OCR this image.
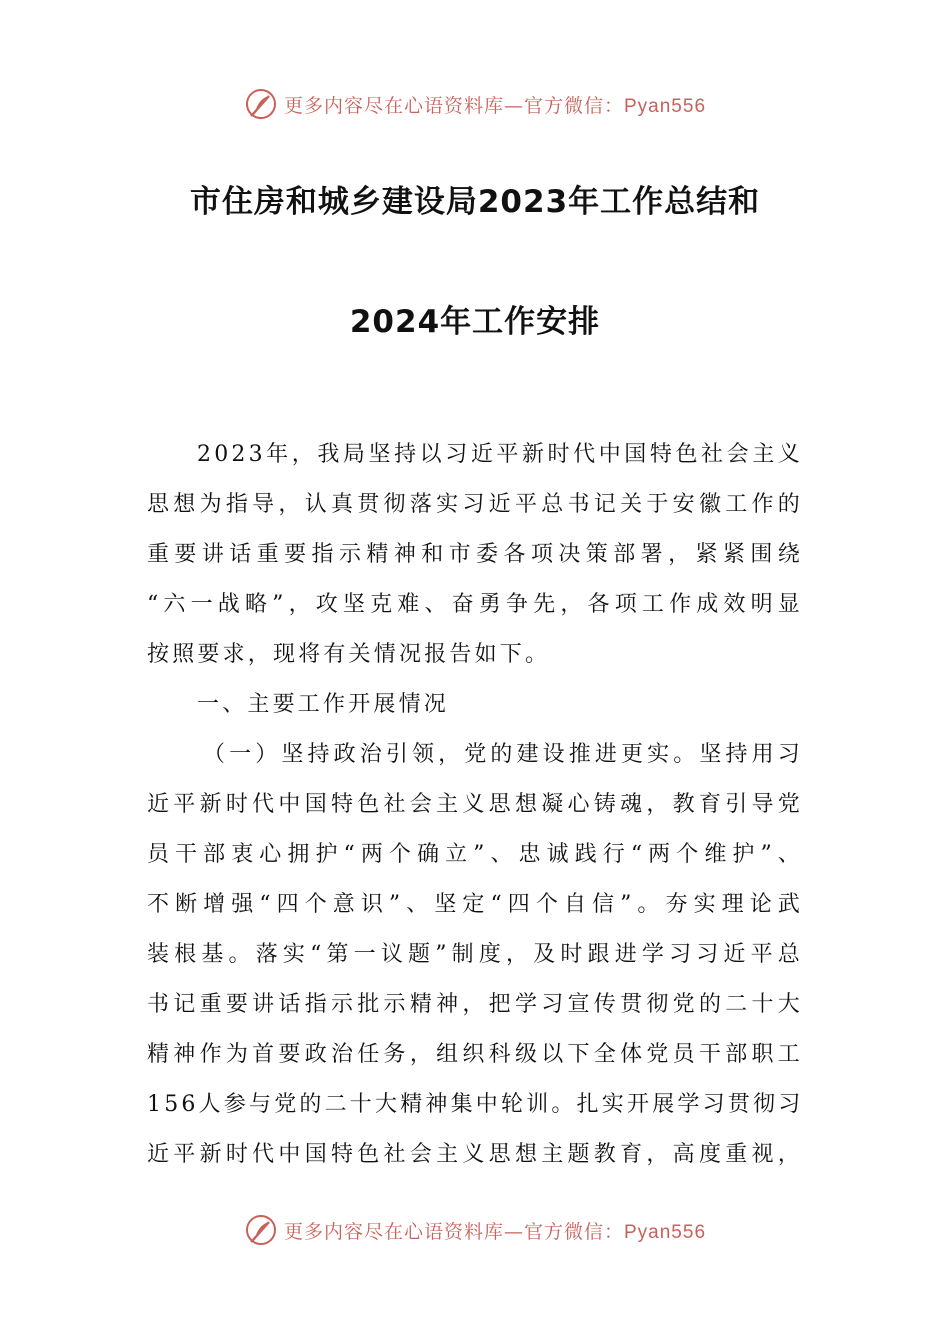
更多内容尽在心语资料库—官方微信：Pyan556
市住房和城乡建设局2023年工作总结和
2024年工作安排
2023年，我局坚持以习近平新时代中国特色社会主义
思想为指导，认真贯彻落实习近平总书记关于安徽工作的
重要讲话重要指示精神和市委各项决策部署，紧紧围绕
“六一战略”，攻坚克难、奋勇争先，各项工作成效明显
按照要求，现将有关情况报告如下。
一、主要工作开展情况
（一）坚持政治引领，党的建设推进更实。坚持用习
近平新时代中国特色社会主义思想凝心铸魂，教育引导党
员干部衷心拥护“两个确立”、忠诚践行“两个维护”、
不断增强“四个意识”、坚定“四个自信”。夯实理论武
装根基。落实“第一议题”制度，及时跟进学习习近平总
书记重要讲话指示批示精神，把学习宣传贯彻党的二十大
精神作为首要政治任务，组织科级以下全体党员干部职工
156人参与党的二十大精神集中轮训。扎实开展学习贯彻习
近平新时代中国特色社会主义思想主题教育，高度重视，
更多内容尽在心语资料库—官方微信：Pyan556
